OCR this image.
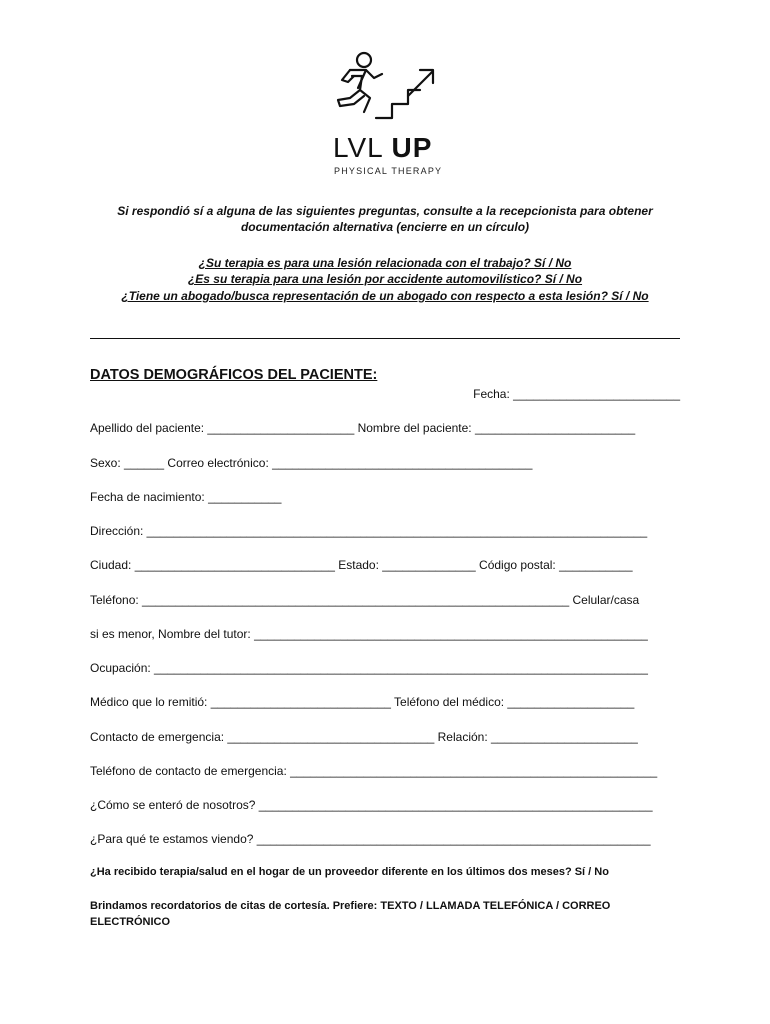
LVL UP
PHYSICAL THERAPY
Si respondió sí a alguna de las siguientes preguntas, consulte a la recepcionista para obtener documentación alternativa (encierre en un círculo)
¿Su terapia es para una lesión relacionada con el trabajo? Sí / No
¿Es su terapia para una lesión por accidente automovilístico? Sí / No
¿Tiene un abogado/busca representación de un abogado con respecto a esta lesión? Sí / No
DATOS DEMOGRÁFICOS DEL PACIENTE:
Fecha: _________________________
Apellido del paciente: ______________________ Nombre del paciente: ________________________
Sexo: ______ Correo electrónico: _______________________________________
Fecha de nacimiento: ___________
Dirección: ___________________________________________________________________________
Ciudad: ______________________________ Estado: ______________ Código postal: ___________
Teléfono: ________________________________________________________________ Celular/casa
si es menor, Nombre del tutor: ___________________________________________________________
Ocupación: __________________________________________________________________________
Médico que lo remitió: ___________________________ Teléfono del médico: ___________________
Contacto de emergencia: _______________________________ Relación: ______________________
Teléfono de contacto de emergencia: _______________________________________________________
¿Cómo se enteró de nosotros? ___________________________________________________________
¿Para qué te estamos viendo? ___________________________________________________________
¿Ha recibido terapia/salud en el hogar de un proveedor diferente en los últimos dos meses? Sí / No
Brindamos recordatorios de citas de cortesía. Prefiere: TEXTO / LLAMADA TELEFÓNICA / CORREO ELECTRÓNICO
